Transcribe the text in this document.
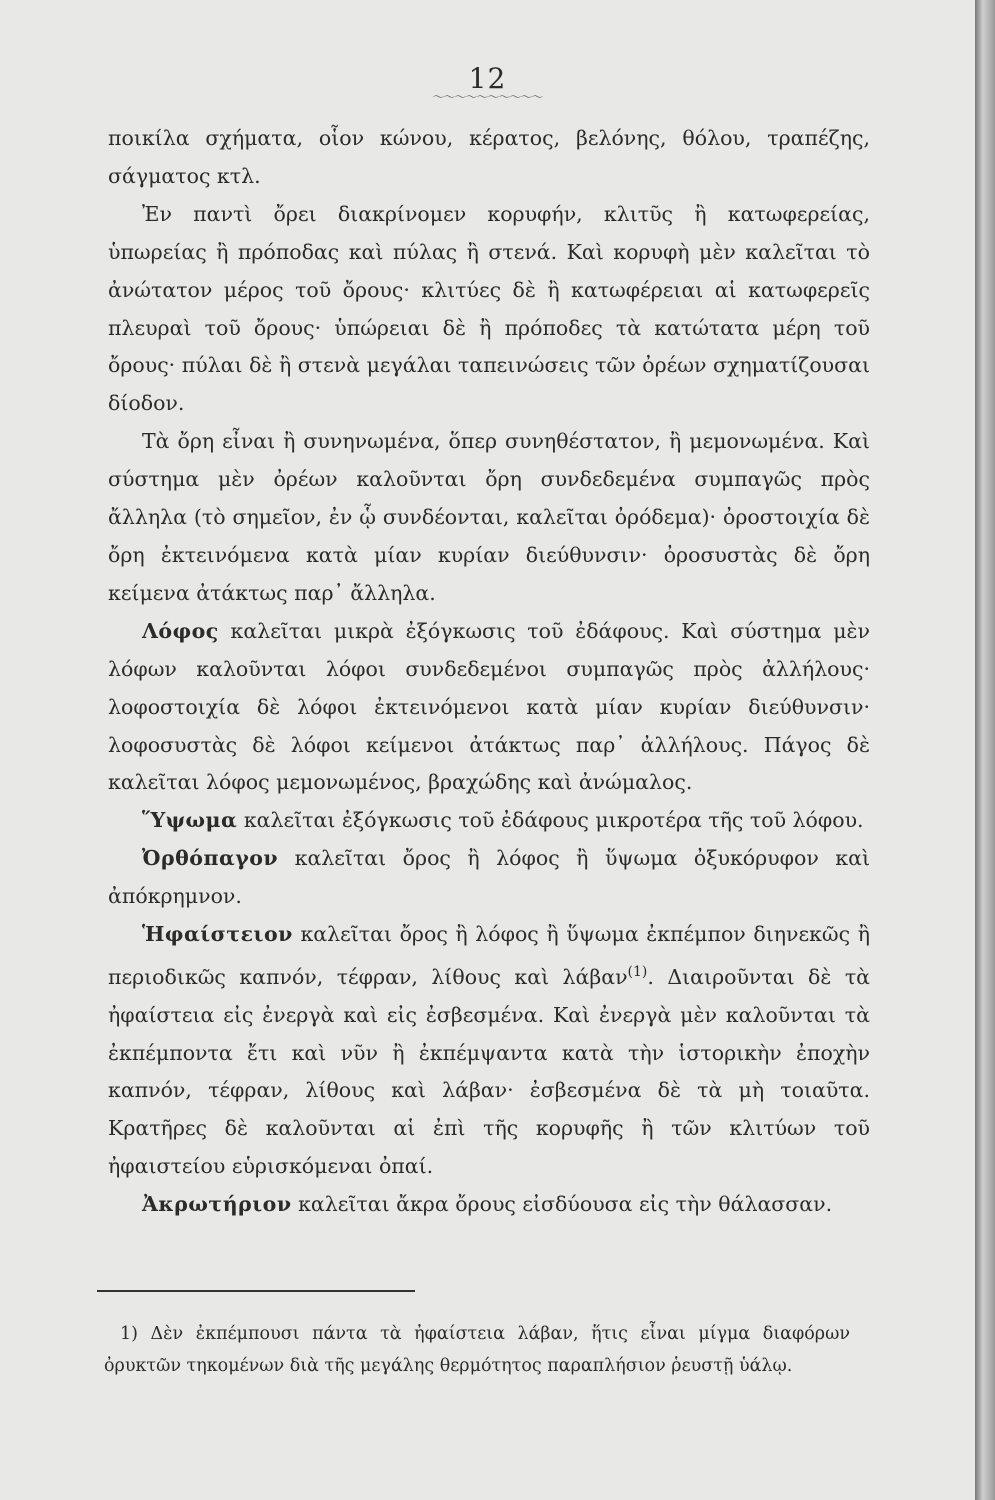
12
～～～～～～～～～～

ποικίλα σχήματα, οἷον κώνου, κέρατος, βελόνης, θόλου, τραπέζης, σάγματος κτλ.

Ἐν παντὶ ὄρει διακρίνομεν κορυφήν, κλιτῦς ἢ κατωφερείας, ὑπωρείας ἢ πρόποδας καὶ πύλας ἢ στενά. Καὶ κορυφὴ μὲν καλεῖται τὸ ἀνώτατον μέρος τοῦ ὄρους· κλιτύες δὲ ἢ κατωφέρειαι αἱ κατωφερεῖς πλευραὶ τοῦ ὄρους· ὑπώρειαι δὲ ἢ πρόποδες τὰ κατώτατα μέρη τοῦ ὄρους· πύλαι δὲ ἢ στενὰ μεγάλαι ταπεινώσεις τῶν ὀρέων σχηματίζουσαι δίοδον.

Τὰ ὄρη εἶναι ἢ συνηνωμένα, ὅπερ συνηθέστατον, ἢ μεμονωμένα. Καὶ σύστημα μὲν ὀρέων καλοῦνται ὄρη συνδεδεμένα συμπαγῶς πρὸς ἄλληλα (τὸ σημεῖον, ἐν ᾧ συνδέονται, καλεῖται ὀρόδεμα)· ὀροστοιχία δὲ ὄρη ἐκτεινόμενα κατὰ μίαν κυρίαν διεύθυνσιν· ὀροσυστὰς δὲ ὄρη κείμενα ἀτάκτως παρ᾽ ἄλληλα.

Λόφος καλεῖται μικρὰ ἐξόγκωσις τοῦ ἐδάφους. Καὶ σύστημα μὲν λόφων καλοῦνται λόφοι συνδεδεμένοι συμπαγῶς πρὸς ἀλλήλους· λοφοστοιχία δὲ λόφοι ἐκτεινόμενοι κατὰ μίαν κυρίαν διεύθυνσιν· λοφοσυστὰς δὲ λόφοι κείμενοι ἀτάκτως παρ᾽ ἀλλήλους. Πάγος δὲ καλεῖται λόφος μεμονωμένος, βραχώδης καὶ ἀνώμαλος.

Ὕψωμα καλεῖται ἐξόγκωσις τοῦ ἐδάφους μικροτέρα τῆς τοῦ λόφου.

Ὀρθόπαγον καλεῖται ὄρος ἢ λόφος ἢ ὕψωμα ὀξυκόρυφον καὶ ἀπόκρημνον.

Ἡφαίστειον καλεῖται ὄρος ἢ λόφος ἢ ὕψωμα ἐκπέμπον διηνεκῶς ἢ περιοδικῶς καπνόν, τέφραν, λίθους καὶ λάβαν$^{(1)}$. Διαιροῦνται δὲ τὰ ἠφαίστεια εἰς ἐνεργὰ καὶ εἰς ἐσβεσμένα. Καὶ ἐνεργὰ μὲν καλοῦνται τὰ ἐκπέμποντα ἔτι καὶ νῦν ἢ ἐκπέμψαντα κατὰ τὴν ἱστορικὴν ἐποχὴν καπνόν, τέφραν, λίθους καὶ λάβαν· ἐσβεσμένα δὲ τὰ μὴ τοιαῦτα. Κρατῆρες δὲ καλοῦνται αἱ ἐπὶ τῆς κορυφῆς ἢ τῶν κλιτύων τοῦ ἠφαιστείου εὑρισκόμεναι ὀπαί.

Ἀκρωτήριον καλεῖται ἄκρα ὄρους εἰσδύουσα εἰς τὴν θάλασσαν.

1) Δὲν ἐκπέμπουσι πάντα τὰ ἠφαίστεια λάβαν, ἥτις εἶναι μίγμα διαφόρων ὀρυκτῶν τηκομένων διὰ τῆς μεγάλης θερμότητος παραπλήσιον ῥευστῇ ὑάλῳ.
